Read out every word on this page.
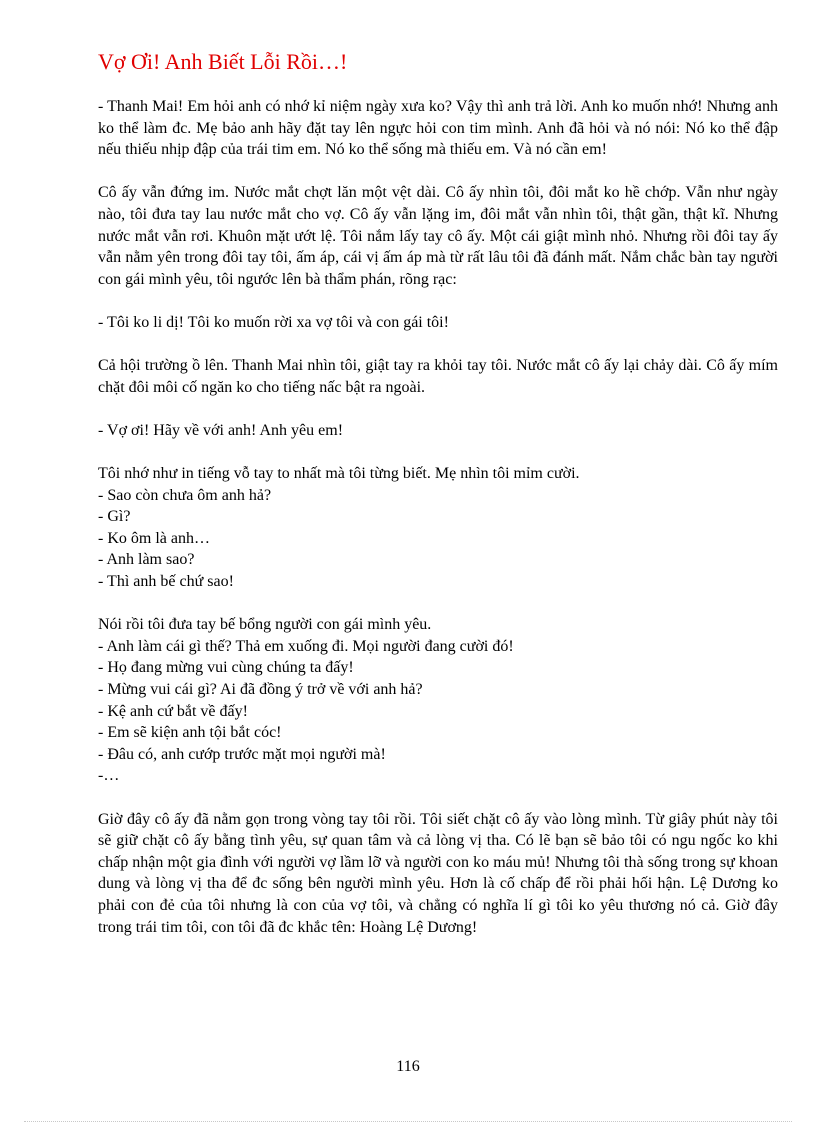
Vợ Ơi! Anh Biết Lỗi Rồi…!

- Thanh Mai! Em hỏi anh có nhớ kỉ niệm ngày xưa ko? Vậy thì anh trả lời. Anh ko muốn nhớ! Nhưng anh ko thể làm đc. Mẹ bảo anh hãy đặt tay lên ngực hỏi con tim mình. Anh đã hỏi và nó nói: Nó ko thể đập nếu thiếu nhịp đập của trái tim em. Nó ko thể sống mà thiếu em. Và nó cần em!

Cô ấy vẫn đứng im. Nước mắt chợt lăn một vệt dài. Cô ấy nhìn tôi, đôi mắt ko hề chớp. Vẫn như ngày nào, tôi đưa tay lau nước mắt cho vợ. Cô ấy vẫn lặng im, đôi mắt vẫn nhìn tôi, thật gần, thật kĩ. Nhưng nước mắt vẫn rơi. Khuôn mặt ướt lệ. Tôi nắm lấy tay cô ấy. Một cái giật mình nhỏ. Nhưng rồi đôi tay ấy vẫn nằm yên trong đôi tay tôi, ấm áp, cái vị ấm áp mà từ rất lâu tôi đã đánh mất. Nắm chắc bàn tay người con gái mình yêu, tôi ngước lên bà thẩm phán, rõng rạc:

- Tôi ko li dị! Tôi ko muốn rời xa vợ tôi và con gái tôi!

Cả hội trường ồ lên. Thanh Mai nhìn tôi, giật tay ra khỏi tay tôi. Nước mắt cô ấy lại chảy dài. Cô ấy mím chặt đôi môi cố ngăn ko cho tiếng nấc bật ra ngoài.

- Vợ ơi! Hãy về với anh! Anh yêu em!

Tôi nhớ như in tiếng vỗ tay to nhất mà tôi từng biết. Mẹ nhìn tôi mỉm cười.

- Sao còn chưa ôm anh hả?

- Gì?

- Ko ôm là anh…

- Anh làm sao?

- Thì anh bế chứ sao!

Nói rồi tôi đưa tay bế bổng người con gái mình yêu.

- Anh làm cái gì thế? Thả em xuống đi. Mọi người đang cười đó!

- Họ đang mừng vui cùng chúng ta đấy!

- Mừng vui cái gì? Ai đã đồng ý trở về với anh hả?

- Kệ anh cứ bắt về đấy!

- Em sẽ kiện anh tội bắt cóc!

- Đâu có, anh cướp trước mặt mọi người mà!

-…

Giờ đây cô ấy đã nằm gọn trong vòng tay tôi rồi. Tôi siết chặt cô ấy vào lòng mình. Từ giây phút này tôi sẽ giữ chặt cô ấy bằng tình yêu, sự quan tâm và cả lòng vị tha. Có lẽ bạn sẽ bảo tôi có ngu ngốc ko khi chấp nhận một gia đình với người vợ lầm lỡ và người con ko máu mủ! Nhưng tôi thà sống trong sự khoan dung và lòng vị tha để đc sống bên người mình yêu. Hơn là cố chấp để rồi phải hối hận. Lệ Dương ko phải con đẻ của tôi nhưng là con của vợ tôi, và chẳng có nghĩa lí gì tôi ko yêu thương nó cả. Giờ đây trong trái tim tôi, con tôi đã đc khắc tên: Hoàng Lệ Dương!

116
